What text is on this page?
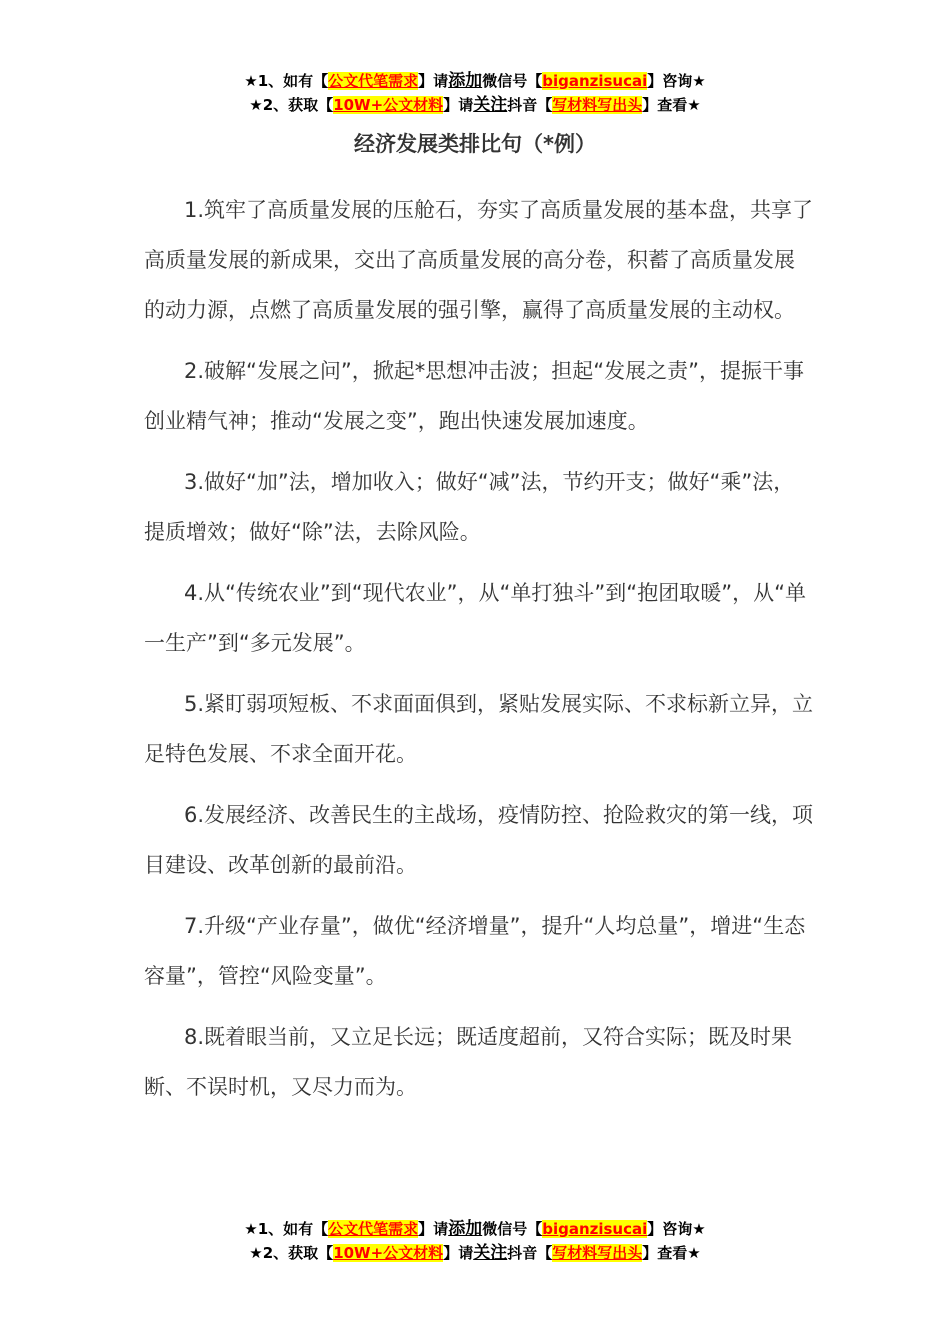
★1、如有【公文代笔需求】请添加微信号【biganzisucai】咨询★
★2、获取【10W+公文材料】请关注抖音【写材料写出头】查看★
经济发展类排比句（*例）

1.筑牢了高质量发展的压舱石，夯实了高质量发展的基本盘，共享了高质量发展的新成果，交出了高质量发展的高分卷，积蓄了高质量发展的动力源，点燃了高质量发展的强引擎，赢得了高质量发展的主动权。

2.破解“发展之问”，掀起*思想冲击波；担起“发展之责”，提振干事创业精气神；推动“发展之变”，跑出快速发展加速度。

3.做好“加”法，增加收入；做好“减”法，节约开支；做好“乘”法，提质增效；做好“除”法，去除风险。

4.从“传统农业”到“现代农业”，从“单打独斗”到“抱团取暖”，从“单一生产”到“多元发展”。

5.紧盯弱项短板、不求面面俱到，紧贴发展实际、不求标新立异，立足特色发展、不求全面开花。

6.发展经济、改善民生的主战场，疫情防控、抢险救灾的第一线，项目建设、改革创新的最前沿。

7.升级“产业存量”，做优“经济增量”，提升“人均总量”，增进“生态容量”，管控“风险变量”。

8.既着眼当前，又立足长远；既适度超前，又符合实际；既及时果断、不误时机，又尽力而为。

★1、如有【公文代笔需求】请添加微信号【biganzisucai】咨询★
★2、获取【10W+公文材料】请关注抖音【写材料写出头】查看★
